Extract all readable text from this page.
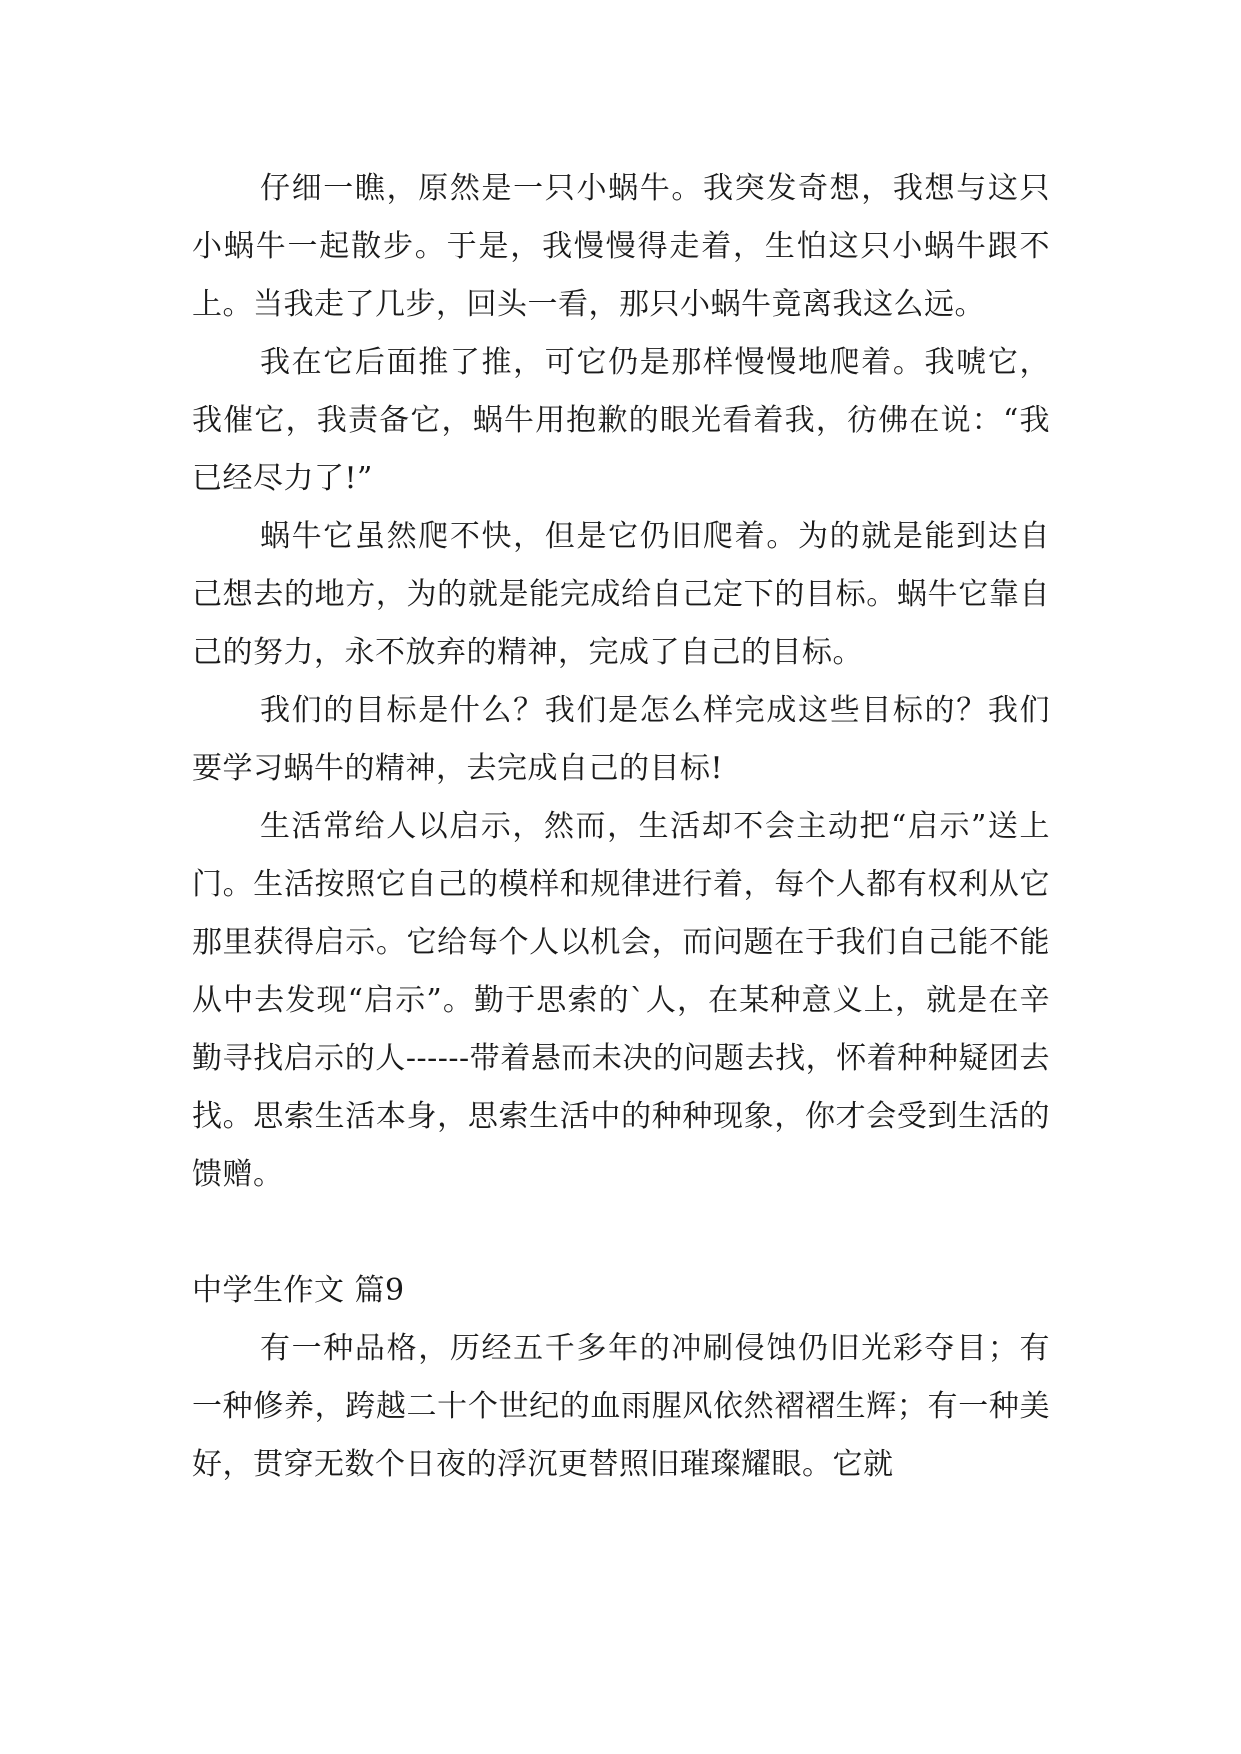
仔细一瞧，原然是一只小蜗牛。我突发奇想，我想与这只小蜗牛一起散步。于是，我慢慢得走着，生怕这只小蜗牛跟不上。当我走了几步，回头一看，那只小蜗牛竟离我这么远。

我在它后面推了推，可它仍是那样慢慢地爬着。我唬它，我催它，我责备它，蜗牛用抱歉的眼光看着我，彷佛在说：“我已经尽力了!”

蜗牛它虽然爬不快，但是它仍旧爬着。为的就是能到达自己想去的地方，为的就是能完成给自己定下的目标。蜗牛它靠自己的努力，永不放弃的精神，完成了自己的目标。

我们的目标是什么？我们是怎么样完成这些目标的？我们要学习蜗牛的精神，去完成自己的目标!

生活常给人以启示，然而，生活却不会主动把“启示”送上门。生活按照它自己的模样和规律进行着，每个人都有权利从它那里获得启示。它给每个人以机会，而问题在于我们自己能不能从中去发现“启示”。勤于思索的`人，在某种意义上，就是在辛勤寻找启示的人------带着悬而未决的问题去找，怀着种种疑团去找。思索生活本身，思索生活中的种种现象，你才会受到生活的馈赠。

中学生作文 篇9

有一种品格，历经五千多年的冲刷侵蚀仍旧光彩夺目；有一种修养，跨越二十个世纪的血雨腥风依然褶褶生辉；有一种美好，贯穿无数个日夜的浮沉更替照旧璀璨耀眼。它就
